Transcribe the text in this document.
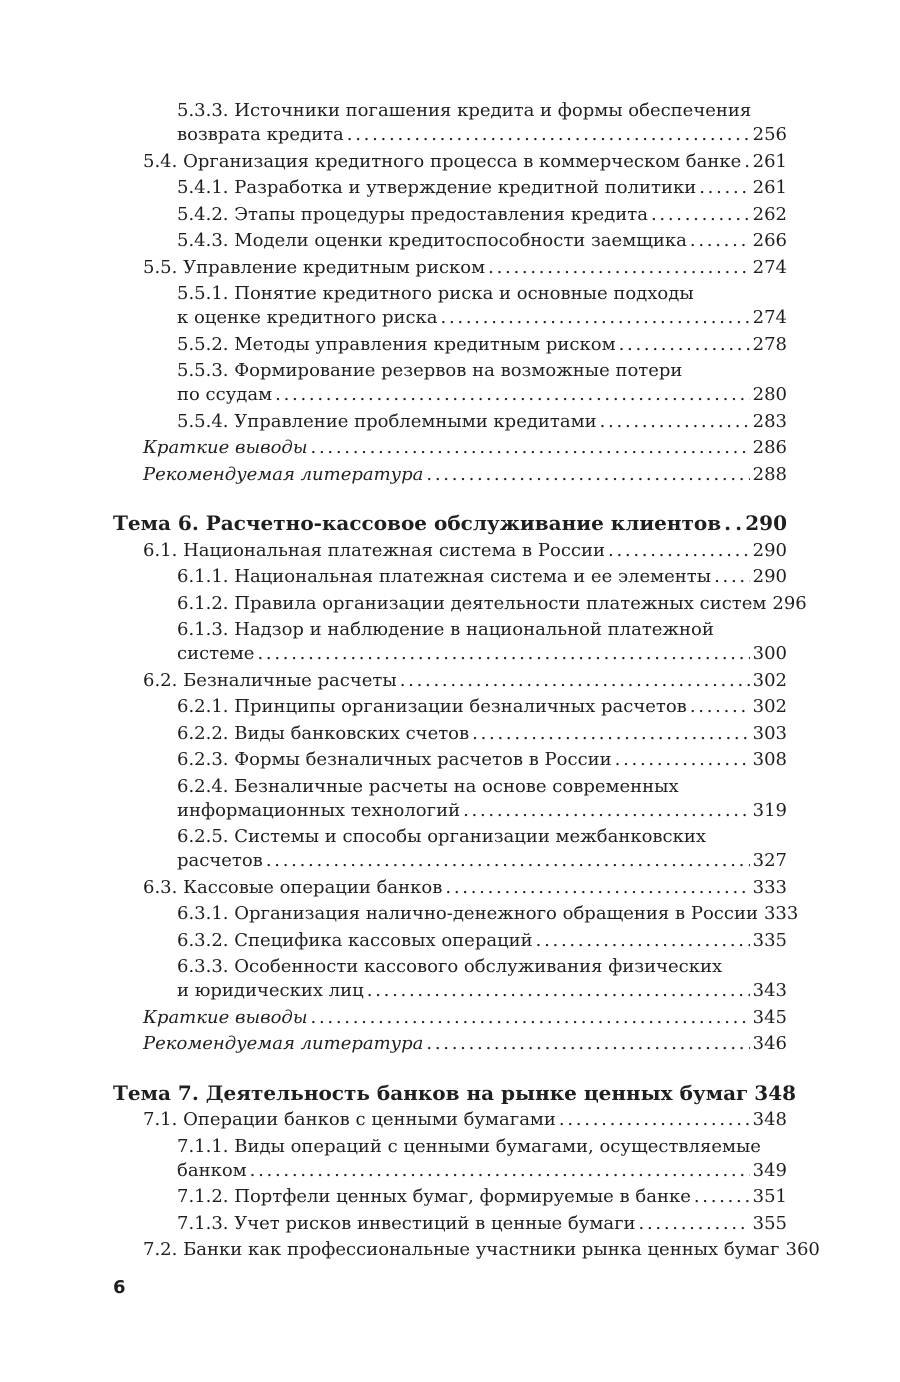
5.3.3. Источники погашения кредита и формы обеспечения
возврата кредита . . .	256
5.4. Организация кредитного процесса в коммерческом банке . . . 261
5.4.1. Разработка и утверждение кредитной политики . . .	261
5.4.2. Этапы процедуры предоставления кредита . . .	262
5.4.3. Модели оценки кредитоспособности заемщика . . .	266
5.5. Управление кредитным риском . . .	274
5.5.1. Понятие кредитного риска и основные подходы
к оценке кредитного риска . . .	274
5.5.2. Методы управления кредитным риском . . .	278
5.5.3. Формирование резервов на возможные потери
по ссудам . . .	280
5.5.4. Управление проблемными кредитами . . .	283
Краткие выводы . . .	286
Рекомендуемая литература . . .	288
Тема 6. Расчетно-кассовое обслуживание клиентов . . . 290
6.1. Национальная платежная система в России . . .	290
6.1.1. Национальная платежная система и ее элементы . . . 290
6.1.2. Правила организации деятельности платежных систем 296
6.1.3. Надзор и наблюдение в национальной платежной
системе . . .	300
6.2. Безналичные расчеты . . .	302
6.2.1. Принципы организации безналичных расчетов . . .	302
6.2.2. Виды банковских счетов . . .	303
6.2.3. Формы безналичных расчетов в России . . .	308
6.2.4. Безналичные расчеты на основе современных
информационных технологий . . .	319
6.2.5. Системы и способы организации межбанковских
расчетов . . .	327
6.3. Кассовые операции банков . . .	333
6.3.1. Организация налично-денежного обращения в России 333
6.3.2. Специфика кассовых операций . . .	335
6.3.3. Особенности кассового обслуживания физических
и юридических лиц . . .	343
Краткие выводы . . .	345
Рекомендуемая литература . . .	346
Тема 7. Деятельность банков на рынке ценных бумаг 348
7.1. Операции банков с ценными бумагами . . .	348
7.1.1. Виды операций с ценными бумагами, осуществляемые
банком . . .	349
7.1.2. Портфели ценных бумаг, формируемые в банке . . .	351
7.1.3. Учет рисков инвестиций в ценные бумаги . . .	355
7.2. Банки как профессиональные участники рынка ценных бумаг 360
6
